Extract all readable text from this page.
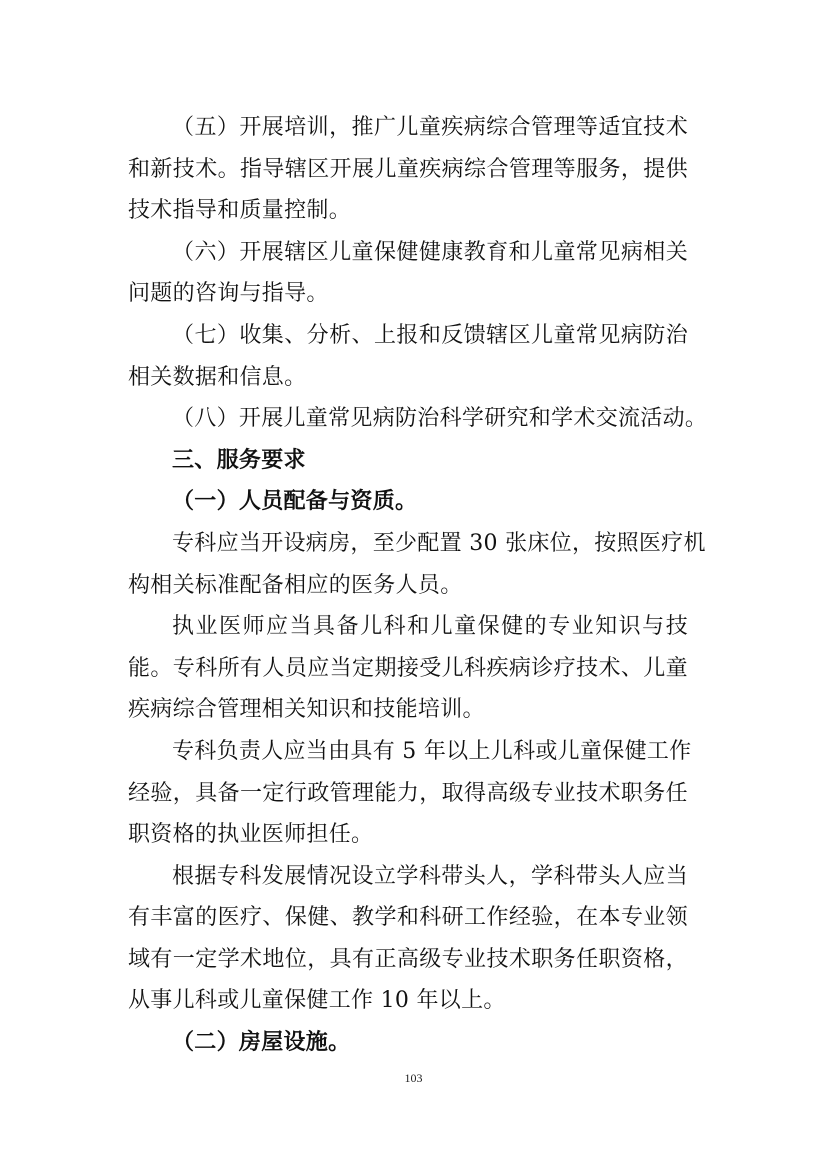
（五）开展培训，推广儿童疾病综合管理等适宜技术
和新技术。指导辖区开展儿童疾病综合管理等服务，提供
技术指导和质量控制。

（六）开展辖区儿童保健健康教育和儿童常见病相关
问题的咨询与指导。

（七）收集、分析、上报和反馈辖区儿童常见病防治
相关数据和信息。

（八）开展儿童常见病防治科学研究和学术交流活动。

三、服务要求

（一）人员配备与资质。

专科应当开设病房，至少配置 30 张床位，按照医疗机
构相关标准配备相应的医务人员。

执业医师应当具备儿科和儿童保健的专业知识与技
能。专科所有人员应当定期接受儿科疾病诊疗技术、儿童
疾病综合管理相关知识和技能培训。

专科负责人应当由具有 5 年以上儿科或儿童保健工作
经验，具备一定行政管理能力，取得高级专业技术职务任
职资格的执业医师担任。

根据专科发展情况设立学科带头人，学科带头人应当
有丰富的医疗、保健、教学和科研工作经验，在本专业领
域有一定学术地位，具有正高级专业技术职务任职资格，
从事儿科或儿童保健工作 10 年以上。

（二）房屋设施。

103
